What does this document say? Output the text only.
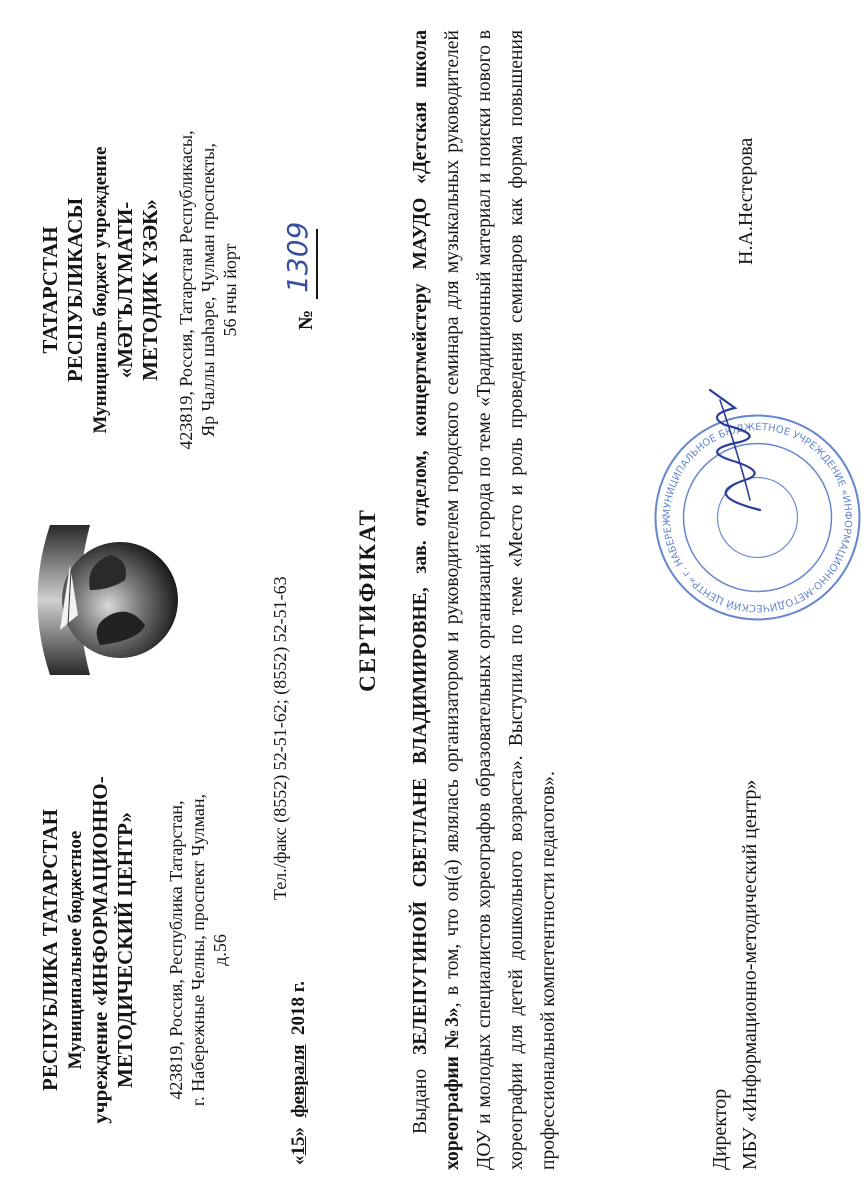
РЕСПУБЛИКА ТАТАРСТАН Муниципальное бюджетное учреждение «ИНФОРМАЦИОННО- МЕТОДИЧЕСКИЙ ЦЕНТР» 423819, Россия, Республика Татарстан, г. Набережные Челны, проспект Чулман, д.56
Тел./факс (8552) 52-51-62; (8552) 52-51-63
ТАТАРСТАН РЕСПУБЛИКАСЫ Муниципаль бюджет учреждение «МӘГЪЛҮМАТИ- МЕТОДИК ҮЗӘК» 423819, Россия, Татарстан Республикасы, Яр Чаллы шәһәре, Чулман проспекты, 56 нчы йорт
«15»  февраля  2018 г.
№
1309
СЕРТИФИКАТ

Выдано ЗЕЛЕПУГИНОЙ СВЕТЛАНЕ ВЛАДИМИРОВНЕ, зав. отделом, концертмейстеру МАУДО «Детская школа хореографии №3», в том, что он(а) являлась организатором и руководителем городского семинара для музыкальных руководителей ДОУ и молодых специалистов хореографов образовательных организаций города по теме «Традиционный материал и поиски нового в хореографии для детей дошкольного возраста». Выступила по теме «Место и роль проведения семинаров как форма повышения профессиональной компетентности педагогов».

МУНИЦИПАЛЬНОЕ БЮДЖЕТНОЕ УЧРЕЖДЕНИЕ «ИНФОРМАЦИОННО-МЕТОДИЧЕСКИЙ ЦЕНТР» г. НАБЕРЕЖ
Директор МБУ «Информационно-методический центр»
Н.А.Нестерова
